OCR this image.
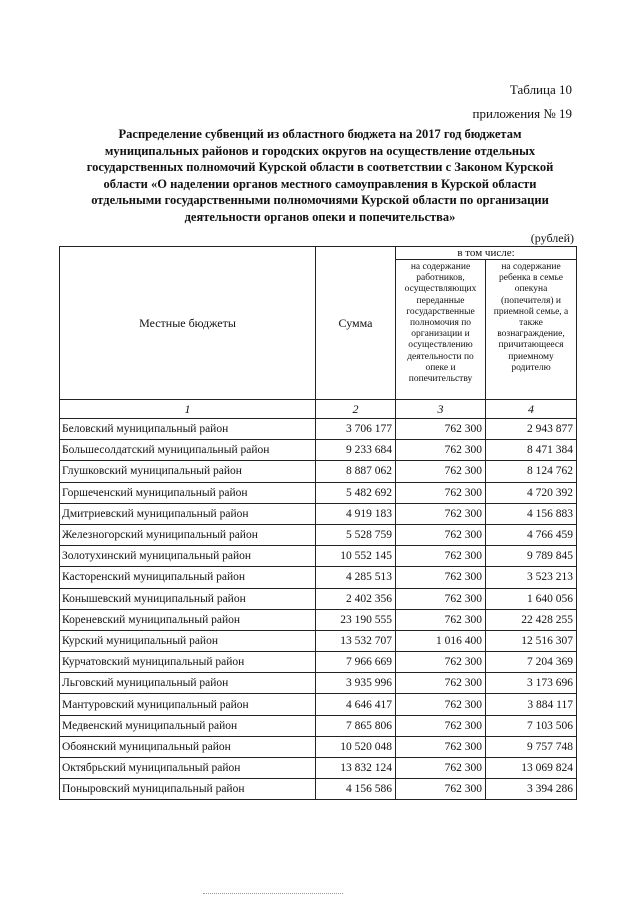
Таблица 10
приложения № 19
Распределение субвенций из областного бюджета на 2017 год бюджетам муниципальных районов и городских округов на осуществление отдельных государственных полномочий Курской области в соответствии с Законом Курской области «О наделении органов местного самоуправления в Курской области отдельными государственными полномочиями Курской области по организации деятельности органов опеки и попечительства»
(рублей)
Местные бюджеты	Сумма	в том числе:	
		на содержание работников, осуществляющих переданные государственные полномочия по организации и осуществлению деятельности по опеке и попечительству	на содержание ребенка в семье опекуна (попечителя) и приемной семье, а также вознаграждение, причитающееся приемному родителю
1	2	3	4
Беловский муниципальный район	3 706 177	762 300	2 943 877
Большесолдатский муниципальный район	9 233 684	762 300	8 471 384
Глушковский муниципальный район	8 887 062	762 300	8 124 762
Горшеченский муниципальный район	5 482 692	762 300	4 720 392
Дмитриевский муниципальный район	4 919 183	762 300	4 156 883
Железногорский муниципальный район	5 528 759	762 300	4 766 459
Золотухинский муниципальный район	10 552 145	762 300	9 789 845
Касторенский муниципальный район	4 285 513	762 300	3 523 213
Конышевский муниципальный район	2 402 356	762 300	1 640 056
Кореневский муниципальный район	23 190 555	762 300	22 428 255
Курский муниципальный район	13 532 707	1 016 400	12 516 307
Курчатовский муниципальный район	7 966 669	762 300	7 204 369
Льговский муниципальный район	3 935 996	762 300	3 173 696
Мантуровский муниципальный район	4 646 417	762 300	3 884 117
Медвенский муниципальный район	7 865 806	762 300	7 103 506
Обоянский муниципальный район	10 520 048	762 300	9 757 748
Октябрьский муниципальный район	13 832 124	762 300	13 069 824
Поныровский муниципальный район	4 156 586	762 300	3 394 286
